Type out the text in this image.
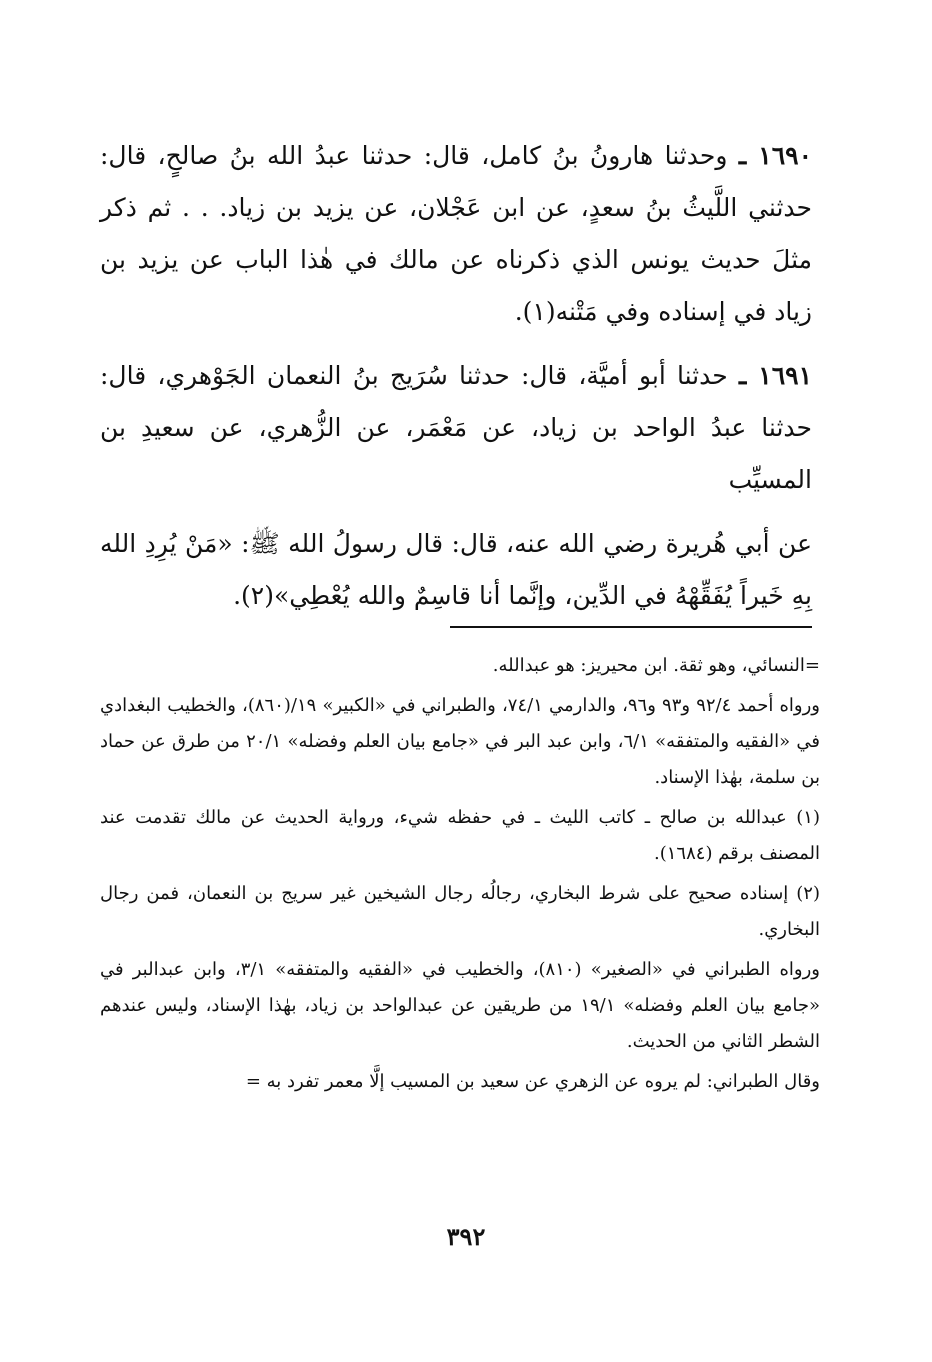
١٦٩٠ ـ وحدثنا هارونُ بنُ كامل، قال: حدثنا عبدُ الله بنُ صالحٍ، قال: حدثني اللَّيثُ بنُ سعدٍ، عن ابن عَجْلان، عن يزيد بن زياد. . . ثم ذكر مثلَ حديث يونس الذي ذكرناه عن مالك في هٰذا الباب عن يزيد بن زياد في إسناده وفي مَتْنه(١).

١٦٩١ ـ حدثنا أبو أميَّة، قال: حدثنا سُرَيج بنُ النعمان الجَوْهري، قال: حدثنا عبدُ الواحد بن زياد، عن مَعْمَر، عن الزُّهري، عن سعيدِ بن المسيِّب

عن أبي هُريرة رضي الله عنه، قال: قال رسولُ الله ﷺ: «مَنْ يُرِدِ الله بِهِ خَيراً يُفَقِّهْهُ في الدِّين، وإنَّما أنا قاسِمٌ والله يُعْطِي»(٢).

=النسائي، وهو ثقة. ابن محيريز: هو عبدالله.

ورواه أحمد ٩٢/٤ و٩٣ و٩٦، والدارمي ٧٤/١، والطبراني في «الكبير» ١٩/(٨٦٠)، والخطيب البغدادي في «الفقيه والمتفقه» ٦/١، وابن عبد البر في «جامع بيان العلم وفضله» ٢٠/١ من طرق عن حماد بن سلمة، بهٰذا الإسناد.

(١) عبدالله بن صالح ـ كاتب الليث ـ في حفظه شيء، ورواية الحديث عن مالك تقدمت عند المصنف برقم (١٦٨٤).

(٢) إسناده صحيح على شرط البخاري، رجالُه رجال الشيخين غير سريج بن النعمان، فمن رجال البخاري.

ورواه الطبراني في «الصغير» (٨١٠)، والخطيب في «الفقيه والمتفقه» ٣/١، وابن عبدالبر في «جامع بيان العلم وفضله» ١٩/١ من طريقين عن عبدالواحد بن زياد، بهٰذا الإسناد، وليس عندهم الشطر الثاني من الحديث.

وقال الطبراني: لم يروه عن الزهري عن سعيد بن المسيب إلَّا معمر تفرد به =

٣٩٢
